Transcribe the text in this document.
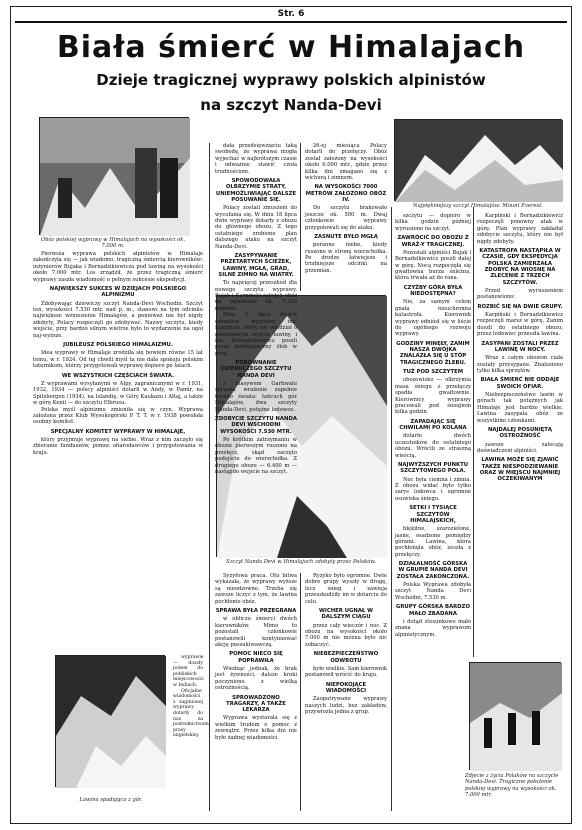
Str. 6
Biała śmierć w Himalajach
Dzieje tragicznej wyprawy polskich alpinistów
na szczyt Nanda-Devi
Obóz polskiej wyprawy w Himalajach na wysokości ok. 7.000 m.
Najpiękniejszy szczyt Himalajów: Mount Everest.
Szczyt Nanda Devi w Himalajach zdobyty przez Polaków.
Lawina spadająca z gór.
Zdjęcie z życia Polaków na szczycie Nanda-Devi. Tragiczne położenie polskiej wyprawy na wysokości ok. 7.000 mtr.

Pierwsza wyprawa polskich alpinistów w Himalaje zakończyła się — jak wiadomo, tragiczną śmiercią kierowników: inżynierów Bujaka i Bernadzikiewicza pod lawiną na wysokości około 7.000 mtr. Los zrządził, że przez tragiczną śmierć wyprawy zaszła wiadomość o pełnym sukcesie ekspedycji.

NAJWIĘKSZY SUKCES W DZIEJACH POLSKIEGO ALPINIZMU

Zdobywając dziewiczy szczyt Nanda-Devi Wschodni. Szczyt ten, wysokości 7.530 mtr. nad p. m., stanowi na tym odcinku największe wzniesienie Himalajów, a ponieważ nie był nigdy zdobyty, Polacy rozpoczęli go zdobywać. Nazwy szczytu, kiedy wejście, przy bardzo silnym wietrze było to wydarzenie na ogół naj-wyższe.

JUBILEUSZ POLSKIEGO HIMALAIZMU.

Idea wyprawy w Himalaje zrodziła się bowiem równe 15 lat temu, w r. 1924. Od tej chwili myśl ta nie dała spokoju polskim taternikom, którzy przygotowali wyprawę dopiero po latach.

WE WSZYSTKICH CZĘŚCIACH ŚWIATA.

Z wyprawami wysyłanymi w Alpy, zagranicznymi w r. 1931, 1932, 1934 — polscy alpiniści dotarli w Andy, w Pamir, na Spitsbergen (1934), na Islandię, w Góry Kaukazu i Altaj, a także w górę Kenii — do szczytu Elbrusu.

Polska myśl alpinizmu zmieniła się w czyn. Wyprawa założona przez Klub Wysokogórski P. T. T. w r. 1938 powołała osobny komitet.

SPECJALNY KOMITET WYPRAWY W HIMALAJE,

który przyjmuje wyprawę na siebie. Wraz z nim zaczęło się zbieranie funduszów, pomoc ofiarodawców i przygotowania w kraju.

dała przedsięwzięciu taką swobodę, że wyprawa mogła wyjechać w najkrótszym czasie i odważnie stawić czoła trudnościom.

SPOWODOWAŁA OLBRZYMIE STRATY, UNIEMOŻLIWIAJĄC DALSZE POSUWANIE SIĘ.

Polacy zostali zmuszeni do wycofania się. W dniu 18 lipca dwie wyprawy dotarły z obozu do głównego obozu. Z tego ostatniego zrobiono plan dalszego ataku na szczyt Nanda-Devi.

ZASYPYWANIE PRZETARTYCH ŚCIEŻEK, LAWINY, MGŁA, GRAD, SILNE ZIMNO NA WIATRY.

To najwięcej przeszkód dla nowego szczytu wyprawy. Bujak i Karpiński założyli obóz na wysokości ok. 7.200 metrów.

Dnia 2 lipca dwóch członków wyprawy, inż. Karpiński, który nie wiedział o gwałtownym zejściu lawiny, i inż. Bernadzikiewicz poszli przez niebezpieczny żleb w górę.

PORÓWNANIE DZIEWICZEGO SZCZYTU NANDA DEVI

z masywem Garhwalu sprawia wrażenie zupełnie innego świata: łańcuch gór Himalajów, dwa szczyty Nanda-Devi, potężne lodowce.

ZDOBYCIE SZCZYTU NANDA DEVI WSCHODNI WYSOKOŚCI 7.530 MTR.

Po krótkim zatrzymaniu w obozie pierwszym ruszono na przełęcz, skąd zaczęto podejście do wierzchołka. Z drugiego obozu — 6.400 m — nastąpiło wejście na szczyt.

26-ej miesiąca Polacy dotarli do przełęczy. Obóz został założony na wysokości około 6.000 mtr., gdzie przez kilka dni zmagano się z wichurą i zimnem.

NA WYSOKOŚCI 7000 METRÓW ZAŁOŻONO OBÓZ IV.

Do szczytu brakowało jeszcze ok. 500 m. Dwaj członkowie wyprawy przygotowali się do ataku.

ZASNUTE BYŁO MGŁĄ

poranne niebo, kiedy ruszono w stronę wierzchołka. Po drodze łatwiejsze i trudniejsze odcinki na przemian.

szczytu — dopiero w kilka godzin później wyruszono na szczyt.

ZAWRÓCIĆ DO OBOZU Z WRAŻ-Y TRAGICZNEJ.

Pozostali alpiniści Bujak i Bernadzikiewicz poszli dalej w górę. Nocą rozpoczęła się gwałtowna burza śnieżna, która trwała aż do rana.

CZYŻBY GÓRA BYŁA NIEDOSTĘPNA?

Nie, za samym celem gnała nieuchronna katastrofa. Kierownik wyprawy odniósł się w liście do ogólnego rozwoju wyprawy.

GODZINY MINĘŁY, ZANIM NASZA DWÓJKA ZNALAZŁA SIĘ U STÓP TRAGICZNEGO ŻLEBU.
TUŻ POD SZCZYTEM

obozowisko — olbrzymia masa śniegu z przełęczy spadła gwałtownie. Kierownicy wyprawy pracowali pod śniegiem kilka godzin.

ZAPADAJĄC SIĘ CHWILAMI PO KOLANA

dotarło dwóch uczestników do ostatniego obozu. Wrócili ze straszną wieścią.

NAJWYŻSZYCH PUNKTU SZCZYTOWEGO POLA.

Noc była ciemna i zimna. Z obozu widać było tylko zarys lodowca i ogromne osuwiska śniegu.

SETKI I TYSIĄCE SZCZYTÓW HIMALAJSKICH,

błękitne, szarozielone, jasne, osadzone pomiędzy górami. Lawina, która pochłonęła obóz, zeszła z przełęczy.

DZIAŁALNOŚĆ GÓRSKA W GRUPIE NANDA DEVI ZOSTAŁA ZAKOŃCZONA.

Polska Wyprawa zdobyła szczyt Nanda Devi Wschodni, 7.530 m.

GRUPY GÓRSKA BARDZO MAŁO ZBADANA

i dotąd stosunkowo mało znana wyprawom alpinistycznym.

Karpiński i Bernadzikiewicz rozpoczęli ponowny atak w górę. Plan wyprawy zakładał zdobycie szczytu, który nie był nigdy zdobyty.

KATASTROFA NASTĄPIŁA W CZASIE, GDY EKSPEDYCJA POLSKA ZAMIERZAŁA ZDOBYĆ NA WIOSNĘ NA ZLECENIE Z TRZECH SZCZYTÓW.

Przed wyruszeniem postanowiono:

ROZBIĆ SIĘ NA DWIE GRUPY.

Karpiński i Bernadzikiewicz rozpoczęli marsz w górę. Zanim doszli do ostatniego obozu, przez lodowiec przeszła lawina.

ZASYPANI ZOSTALI PRZEZ LAWINĘ W NOCY.

Wraz z całym obozem ciała zostały przysypane. Znaleziono tylko kilka sprzętów.

BIAŁA ŚMIERĆ NIE ODDAJE SWOICH OFIAR.

Niebezpieczeństwo lawin w górach tak potężnych jak Himalaje jest bardzo wielkie. Lawina zasypała obóz ze wszystkimi członkami.

NAJDALEJ POSUNIĘTĄ OSTROŻNOŚĆ

zawsze zalecają doświadczeni alpiniści.

LAWINA MOŻE SIĘ ZJAWIĆ TAKŻE NIESPODZIEWANIE ORAZ W MIEJSCU NAJMNIEJ OCZEKIWANYM

Syzyfowa praca. Oto bitwa wykazała, że wyprawy wyższe są nieodzowne. Trzeba się zawsze liczyć z tym, że lawina pochłonie obóz.

SPRAWA BYŁA PRZEGRANA

w obliczu śmierci dwóch kierowników. Mimo to pozostali członkowie postanowili kontynuować akcję poszukiwawczą.

POMOC NIECO SIĘ POPRAWIŁA

Wiedząc jednak, że brak jest żywności, dalsze kroki poczyniono z wielką ostrożnością.

SPROWADZONO TRAGARZY, A TAKŻE LEKARZA

Wyprawa wystarała się z wielkim trudem o pomoc z zewnątrz. Przez kilka dni nie było żadnej wiadomości.

Ryzyko było ogromne. Dwie dobre grupy wyszły w drogę, lecz śnieg i zawieja przeszkodziły im w dotarciu do celu.

WICHER UGNAŁ W DALSZYM CIĄGU

przez cały wieczór i noc. Z obozu na wysokości około 7.000 m nie można było nic zobaczyć.

NIEBEZPIECZEŃSTWO ODWROTU

było wielkie. Sam kierownik postanowił wrócić do kraju.

NIEPOKOJĄCE WIADOMOŚCI

Zaopatrywane wyprawy naszych ludzi, bez zakładów, przywiozła jedna z grup.

wyprawie — doszły potem do pobliskich miejscowości w Indiach.

Oficjalne wiadomości z zaginionej wyprawy dotarły do nas za pośrednictwem prasy angielskiej.
